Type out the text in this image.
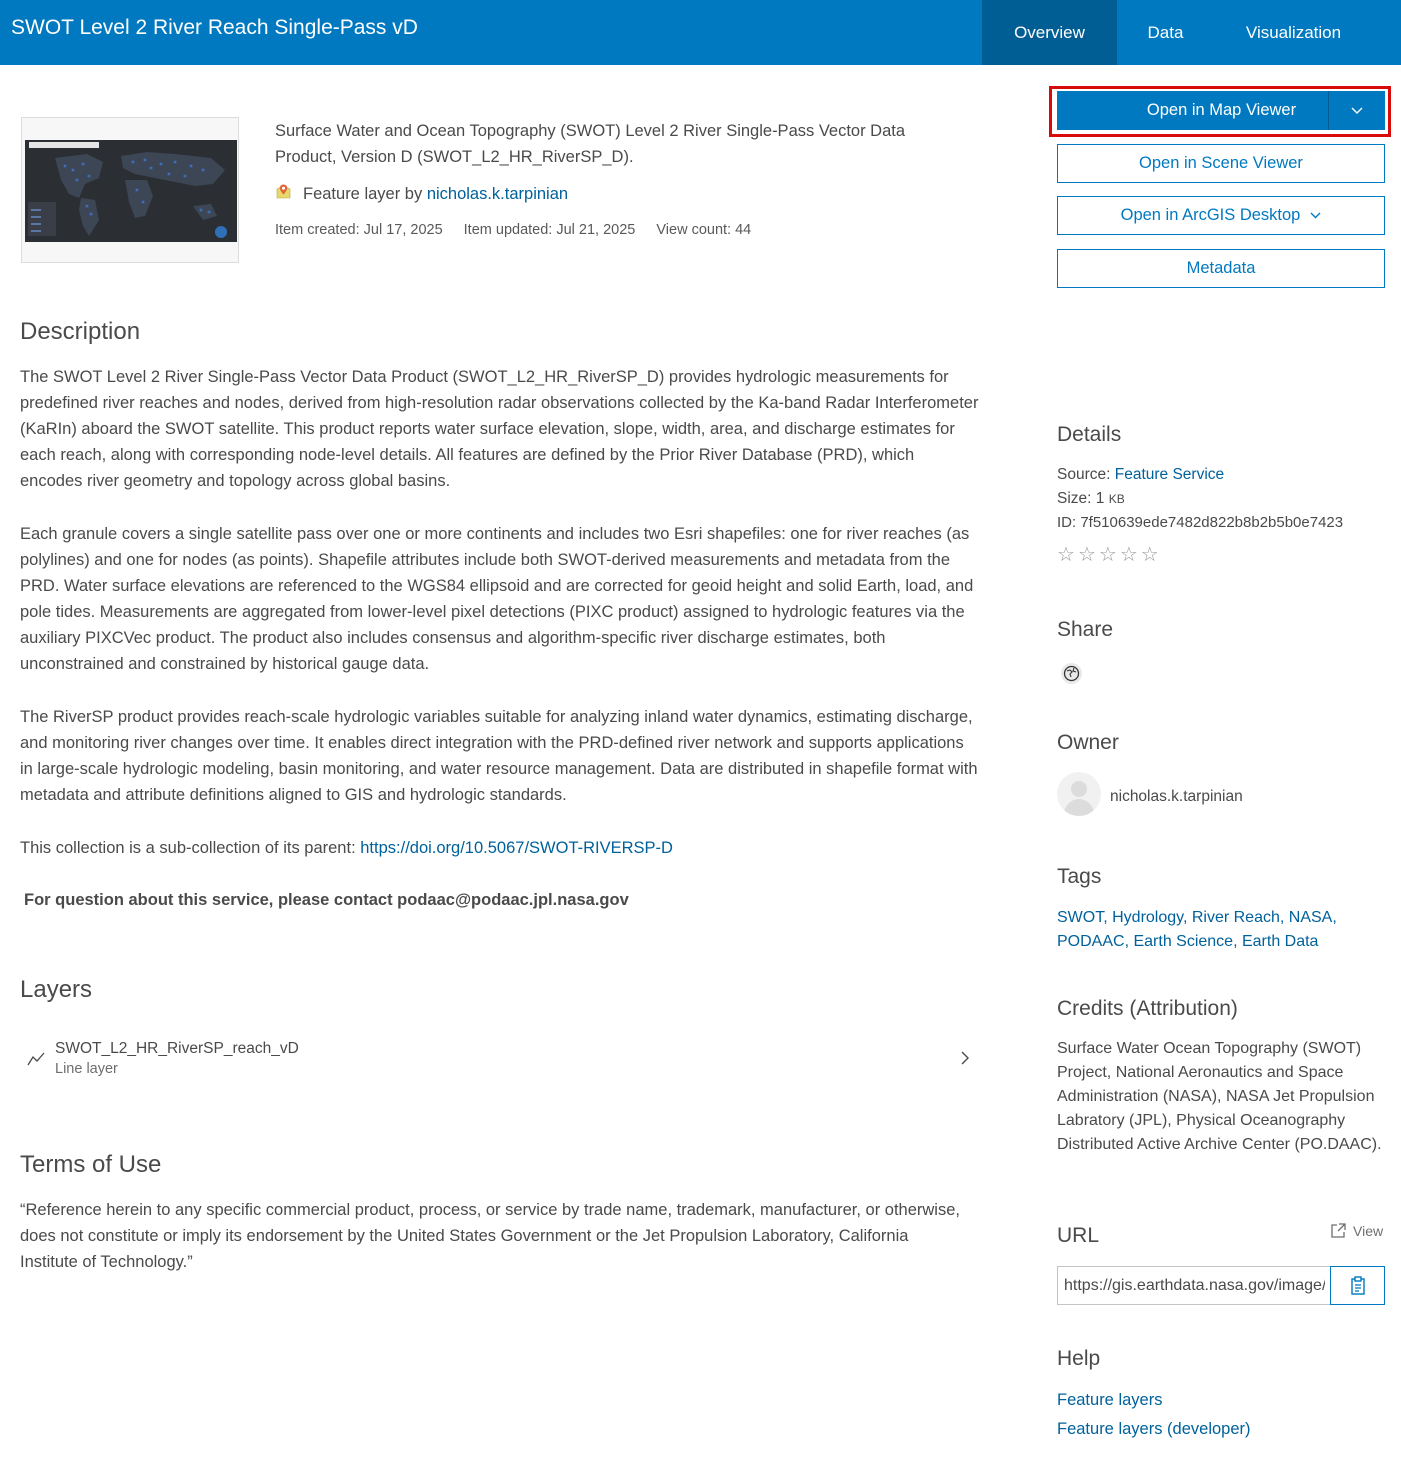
SWOT Level 2 River Reach Single-Pass vD	Overview	Data	Visualization
Surface Water and Ocean Topography (SWOT) Level 2 River Single-Pass Vector Data Product, Version D (SWOT_L2_HR_RiverSP_D).
Feature layer by nicholas.k.tarpinian
Item created: Jul 17, 2025 Item updated: Jul 21, 2025 View count: 44
Description

The SWOT Level 2 River Single-Pass Vector Data Product (SWOT_L2_HR_RiverSP_D) provides hydrologic measurements for predefined river reaches and nodes, derived from high-resolution radar observations collected by the Ka-band Radar Interferometer (KaRIn) aboard the SWOT satellite. This product reports water surface elevation, slope, width, area, and discharge estimates for each reach, along with corresponding node-level details. All features are defined by the Prior River Database (PRD), which encodes river geometry and topology across global basins.

Each granule covers a single satellite pass over one or more continents and includes two Esri shapefiles: one for river reaches (as polylines) and one for nodes (as points). Shapefile attributes include both SWOT-derived measurements and metadata from the PRD. Water surface elevations are referenced to the WGS84 ellipsoid and are corrected for geoid height and solid Earth, load, and pole tides. Measurements are aggregated from lower-level pixel detections (PIXC product) assigned to hydrologic features via the auxiliary PIXCVec product. The product also includes consensus and algorithm-specific river discharge estimates, both unconstrained and constrained by historical gauge data.

The RiverSP product provides reach-scale hydrologic variables suitable for analyzing inland water dynamics, estimating discharge, and monitoring river changes over time. It enables direct integration with the PRD-defined river network and supports applications in large-scale hydrologic modeling, basin monitoring, and water resource management. Data are distributed in shapefile format with metadata and attribute definitions aligned to GIS and hydrologic standards.

This collection is a sub-collection of its parent: https://doi.org/10.5067/SWOT-RIVERSP-D

For question about this service, please contact podaac@podaac.jpl.nasa.gov

Layers
SWOT_L2_HR_RiverSP_reach_vD
Line layer
Terms of Use

“Reference herein to any specific commercial product, process, or service by trade name, trademark, manufacturer, or otherwise, does not constitute or imply its endorsement by the United States Government or the Jet Propulsion Laboratory, California Institute of Technology.”

Open in Map Viewer
Open in Scene Viewer
Open in ArcGIS Desktop
Metadata
Details
Source: Feature Service
Size: 1 KB
ID: 7f510639ede7482d822b8b2b5b0e7423
☆ ☆ ☆ ☆ ☆
Share
Owner
nicholas.k.tarpinian
Tags
SWOT, Hydrology, River Reach, NASA,
PODAAC, Earth Science, Earth Data
Credits (Attribution)
Surface Water Ocean Topography (SWOT) Project, National Aeronautics and Space Administration (NASA), NASA Jet Propulsion Labratory (JPL), Physical Oceanography Distributed Active Archive Center (PO.DAAC).
URL	View
https://gis.earthdata.nasa.gov/image/rest/services
Help
Feature layers
Feature layers (developer)
